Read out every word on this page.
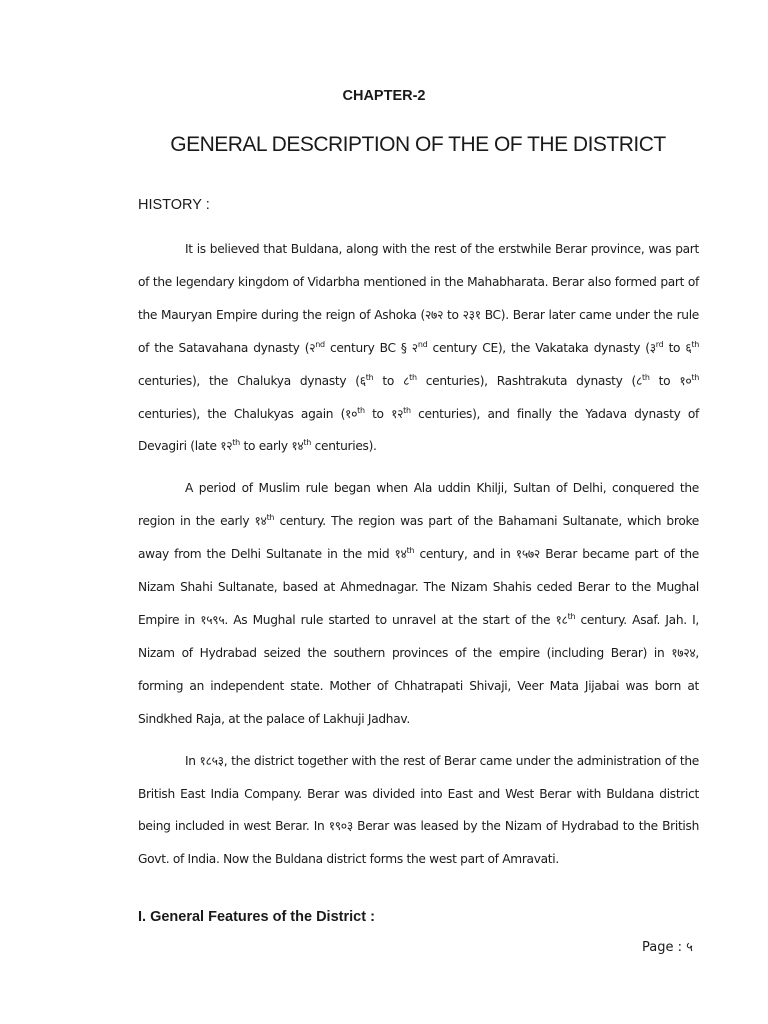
CHAPTER-2
GENERAL DESCRIPTION OF THE OF THE DISTRICT
HISTORY :

It is believed that Buldana, along with the rest of the erstwhile Berar province, was part of the legendary kingdom of Vidarbha mentioned in the Mahabharata. Berar also formed part of the Mauryan Empire during the reign of Ashoka (२७२ to २३१ BC). Berar later came under the rule of the Satavahana dynasty (२nd century BC § २nd century CE), the Vakataka dynasty (३rd to ६th centuries), the Chalukya dynasty (६th to ८th centuries), Rashtrakuta dynasty (८th to १०th centuries), the Chalukyas again (१०th to १२th centuries), and finally the Yadava dynasty of Devagiri (late १२th to early १४th centuries).

A period of Muslim rule began when Ala uddin Khilji, Sultan of Delhi, conquered the region in the early १४th century. The region was part of the Bahamani Sultanate, which broke away from the Delhi Sultanate in the mid १४th century, and in १५७२ Berar became part of the Nizam Shahi Sultanate, based at Ahmednagar. The Nizam Shahis ceded Berar to the Mughal Empire in १५९५. As Mughal rule started to unravel at the start of the १८th century. Asaf. Jah. I, Nizam of Hydrabad seized the southern provinces of the empire (including Berar) in १७२४, forming an independent state. Mother of Chhatrapati Shivaji, Veer Mata Jijabai was born at Sindkhed Raja, at the palace of Lakhuji Jadhav.

In १८५३, the district together with the rest of Berar came under the administration of the British East India Company. Berar was divided into East and West Berar with Buldana district being included in west Berar. In १९०३ Berar was leased by the Nizam of Hydrabad to the British Govt. of India. Now the Buldana district forms the west part of Amravati.

I. General Features of the District :
Page : ५
